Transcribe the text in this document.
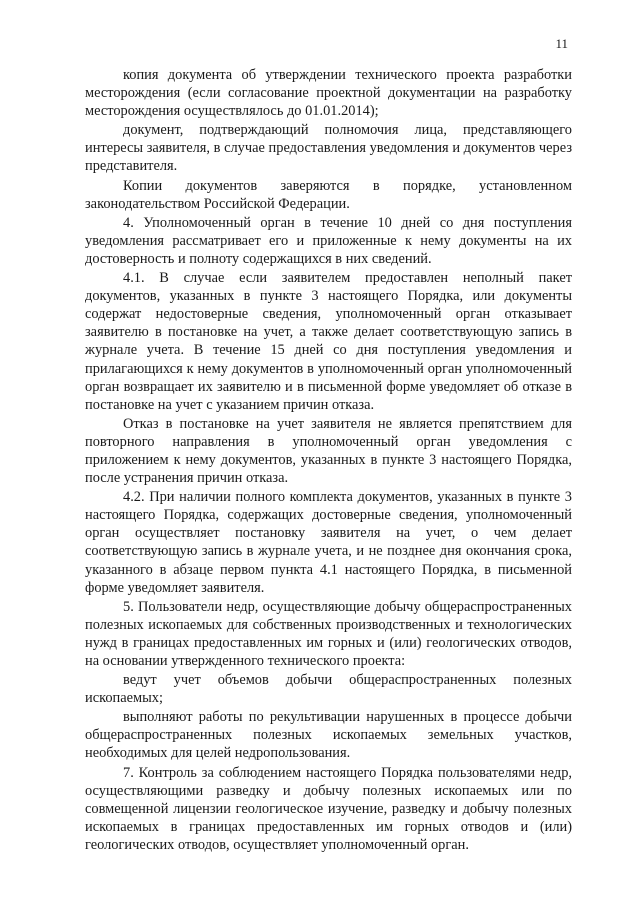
11

копия документа об утверждении технического проекта разработки месторождения (если согласование проектной документации на разработку месторождения осуществлялось до 01.01.2014);

документ, подтверждающий полномочия лица, представляющего интересы заявителя, в случае предоставления уведомления и документов через представителя.

Копии документов заверяются в порядке, установленном законодательством Российской Федерации.

4. Уполномоченный орган в течение 10 дней со дня поступления уведомления рассматривает его и приложенные к нему документы на их достоверность и полноту содержащихся в них сведений.

4.1. В случае если заявителем предоставлен неполный пакет документов, указанных в пункте 3 настоящего Порядка, или документы содержат недостоверные сведения, уполномоченный орган отказывает заявителю в постановке на учет, а также делает соответствующую запись в журнале учета. В течение 15 дней со дня поступления уведомления и прилагающихся к нему документов в уполномоченный орган уполномоченный орган возвращает их заявителю и в письменной форме уведомляет об отказе в постановке на учет с указанием причин отказа.

Отказ в постановке на учет заявителя не является препятствием для повторного направления в уполномоченный орган уведомления с приложением к нему документов, указанных в пункте 3 настоящего Порядка, после устранения причин отказа.

4.2. При наличии полного комплекта документов, указанных в пункте 3 настоящего Порядка, содержащих достоверные сведения, уполномоченный орган осуществляет постановку заявителя на учет, о чем делает соответствующую запись в журнале учета, и не позднее дня окончания срока, указанного в абзаце первом пункта 4.1 настоящего Порядка, в письменной форме уведомляет заявителя.

5. Пользователи недр, осуществляющие добычу общераспространенных полезных ископаемых для собственных производственных и технологических нужд в границах предоставленных им горных и (или) геологических отводов, на основании утвержденного технического проекта:

ведут учет объемов добычи общераспространенных полезных ископаемых;

выполняют работы по рекультивации нарушенных в процессе добычи общераспространенных полезных ископаемых земельных участков, необходимых для целей недропользования.

7. Контроль за соблюдением настоящего Порядка пользователями недр, осуществляющими разведку и добычу полезных ископаемых или по совмещенной лицензии геологическое изучение, разведку и добычу полезных ископаемых в границах предоставленных им горных отводов и (или) геологических отводов, осуществляет уполномоченный орган.
